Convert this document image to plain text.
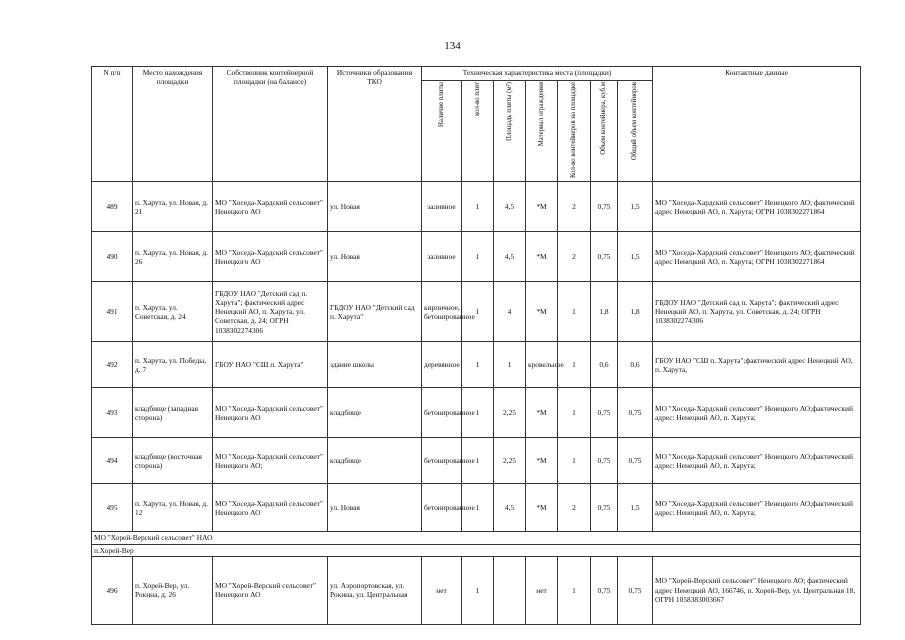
134
N п/п	Место нахождения площадки	Собственник контейнерной площадки (на балансе)	Источники образования ТКО	Техническая характеристика места (площадки)							Контактные данные
				Наличие плиты	кол-во плит	Площадь плиты (м²)	Материал ограждения	Кол-во контейнеров на площадке	Объем контейнера, куб.м	Общий объем контейнеров	
489	п. Харута, ул. Новая, д. 21	МО "Хоседа-Хардский сельсовет" Ненецкого АО	ул. Новая	заливное	1	4,5	*М	2	0,75	1,5	МО "Хоседа-Хардский сельсовет" Ненецкого АО; фактический адрес Ненецкий АО, п. Харута; ОГРН 1038302271864
490	п. Харута, ул. Новая, д. 26	МО "Хоседа-Хардский сельсовет" Ненецкого АО	ул. Новая	заливное	1	4,5	*М	2	0,75	1,5	МО "Хоседа-Хардский сельсовет" Ненецкого АО; фактический адрес Ненецкий АО, п. Харута; ОГРН 1038302271864
491	п. Харута, ул. Советская, д. 24	ГБДОУ НАО "Детский сад п. Харута"; фактический адрес Ненецкий АО, п. Харута, ул. Советская, д. 24; ОГРН 1038302274306	ГБДОУ НАО "Детский сад п. Харута"	кирпичное, бетонированное	1	4	*М	1	1,8	1,8	ГБДОУ НАО "Детский сад п. Харута"; фактический адрес Ненецкий АО, п. Харута, ул. Советская, д. 24; ОГРН 1038302274306
492	п. Харута, ул. Победы, д. 7	ГБОУ НАО "СШ п. Харута"	здание школы	деревянное	1	1	кровельное	1	0,6	0,6	ГБОУ НАО "СШ п. Харута";фактический адрес Ненецкий АО, п. Харута,
493	кладбище (западная сторона)	МО "Хоседа-Хардский сельсовет" Ненецкого АО	кладбище	бетонированное	1	2,25	*М	1	0,75	0,75	МО "Хоседа-Хардский сельсовет" Ненецкого АО;фактический адрес: Ненецкий АО, п. Харута;
494	кладбище (восточная сторона)	МО "Хоседа-Хардский сельсовет" Ненецкого АО;	кладбище	бетонированное	1	2,25	*М	1	0,75	0,75	МО "Хоседа-Хардский сельсовет" Ненецкого АО;фактический адрес: Ненецкий АО, п. Харута;
495	п. Харута, ул. Новая, д. 12	МО "Хоседа-Хардский сельсовет" Ненецкого АО	ул. Новая	бетонированное	1	4,5	*М	2	0,75	1,5	МО "Хоседа-Хардский сельсовет" Ненецкого АО;фактический адрес: Ненецкий АО, п. Харута;
МО "Хорей-Верский сельсовет" НАО											
п.Хорей-Вер											
496	п. Хорей-Вер, ул. Рокина, д. 26	МО "Хорей-Верский сельсовет" Ненецкого АО	ул. Аэропортовская, ул. Рокина, ул. Центральная	нет	1		нет	1	0,75	0,75	МО "Хорей-Верский сельсовет" Ненецкого АО; фактический адрес Ненецкий АО, 166746, п. Хорей-Вер, ул. Центральная 18, ОГРН 1058383003667
